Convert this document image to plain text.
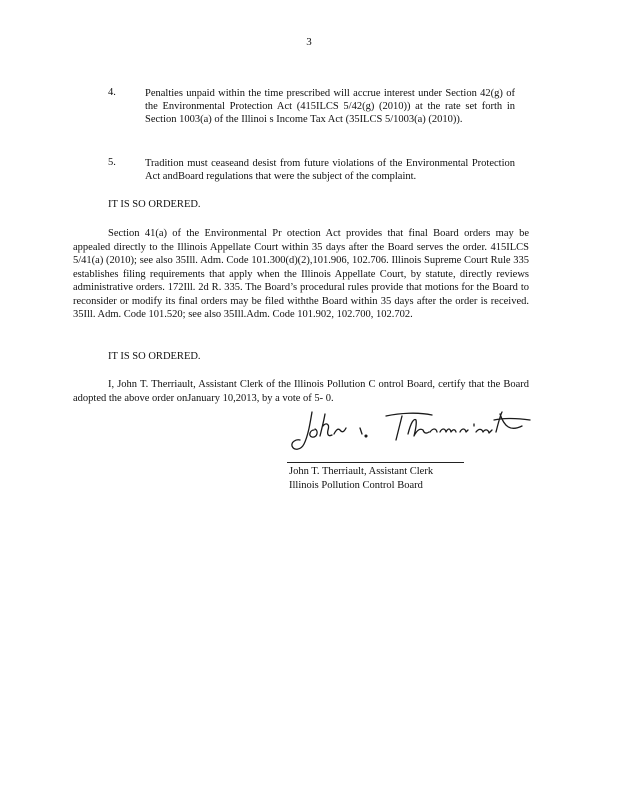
3
4.	Penalties unpaid within the time prescribed will accrue interest under Section 42(g) of the Environmental Protection Act (415ILCS 5/42(g) (2010)) at the rate set forth in Section 1003(a) of the Illinoi s Income Tax Act (35ILCS 5/1003(a) (2010)).
5.	Tradition must ceaseand desist from future violations of the Environmental Protection Act andBoard regulations that were the subject of the complaint.
IT IS SO ORDERED.
Section 41(a) of the Environmental Pr otection Act provides that final Board orders may be appealed directly to the Illinois Appellate Court within 35 days after the Board serves the order. 415ILCS 5/41(a) (2010); see also 35Ill. Adm. Code 101.300(d)(2),101.906, 102.706. Illinois Supreme Court Rule 335 establishes filing requirements that apply when the Illinois Appellate Court, by statute, directly reviews administrative orders. 172Ill. 2d R. 335. The Board’s procedural rules provide that motions for the Board to reconsider or modify its final orders may be filed withthe Board within 35 days after the order is received. 35Ill. Adm. Code 101.520; see also 35Ill.Adm. Code 101.902, 102.700, 102.702.
IT IS SO ORDERED.
I, John T. Therriault, Assistant Clerk of the Illinois Pollution C ontrol Board, certify that the Board adopted the above order onJanuary 10,2013, by a vote of 5- 0.
John T. Therriault, Assistant Clerk
Illinois Pollution Control Board
